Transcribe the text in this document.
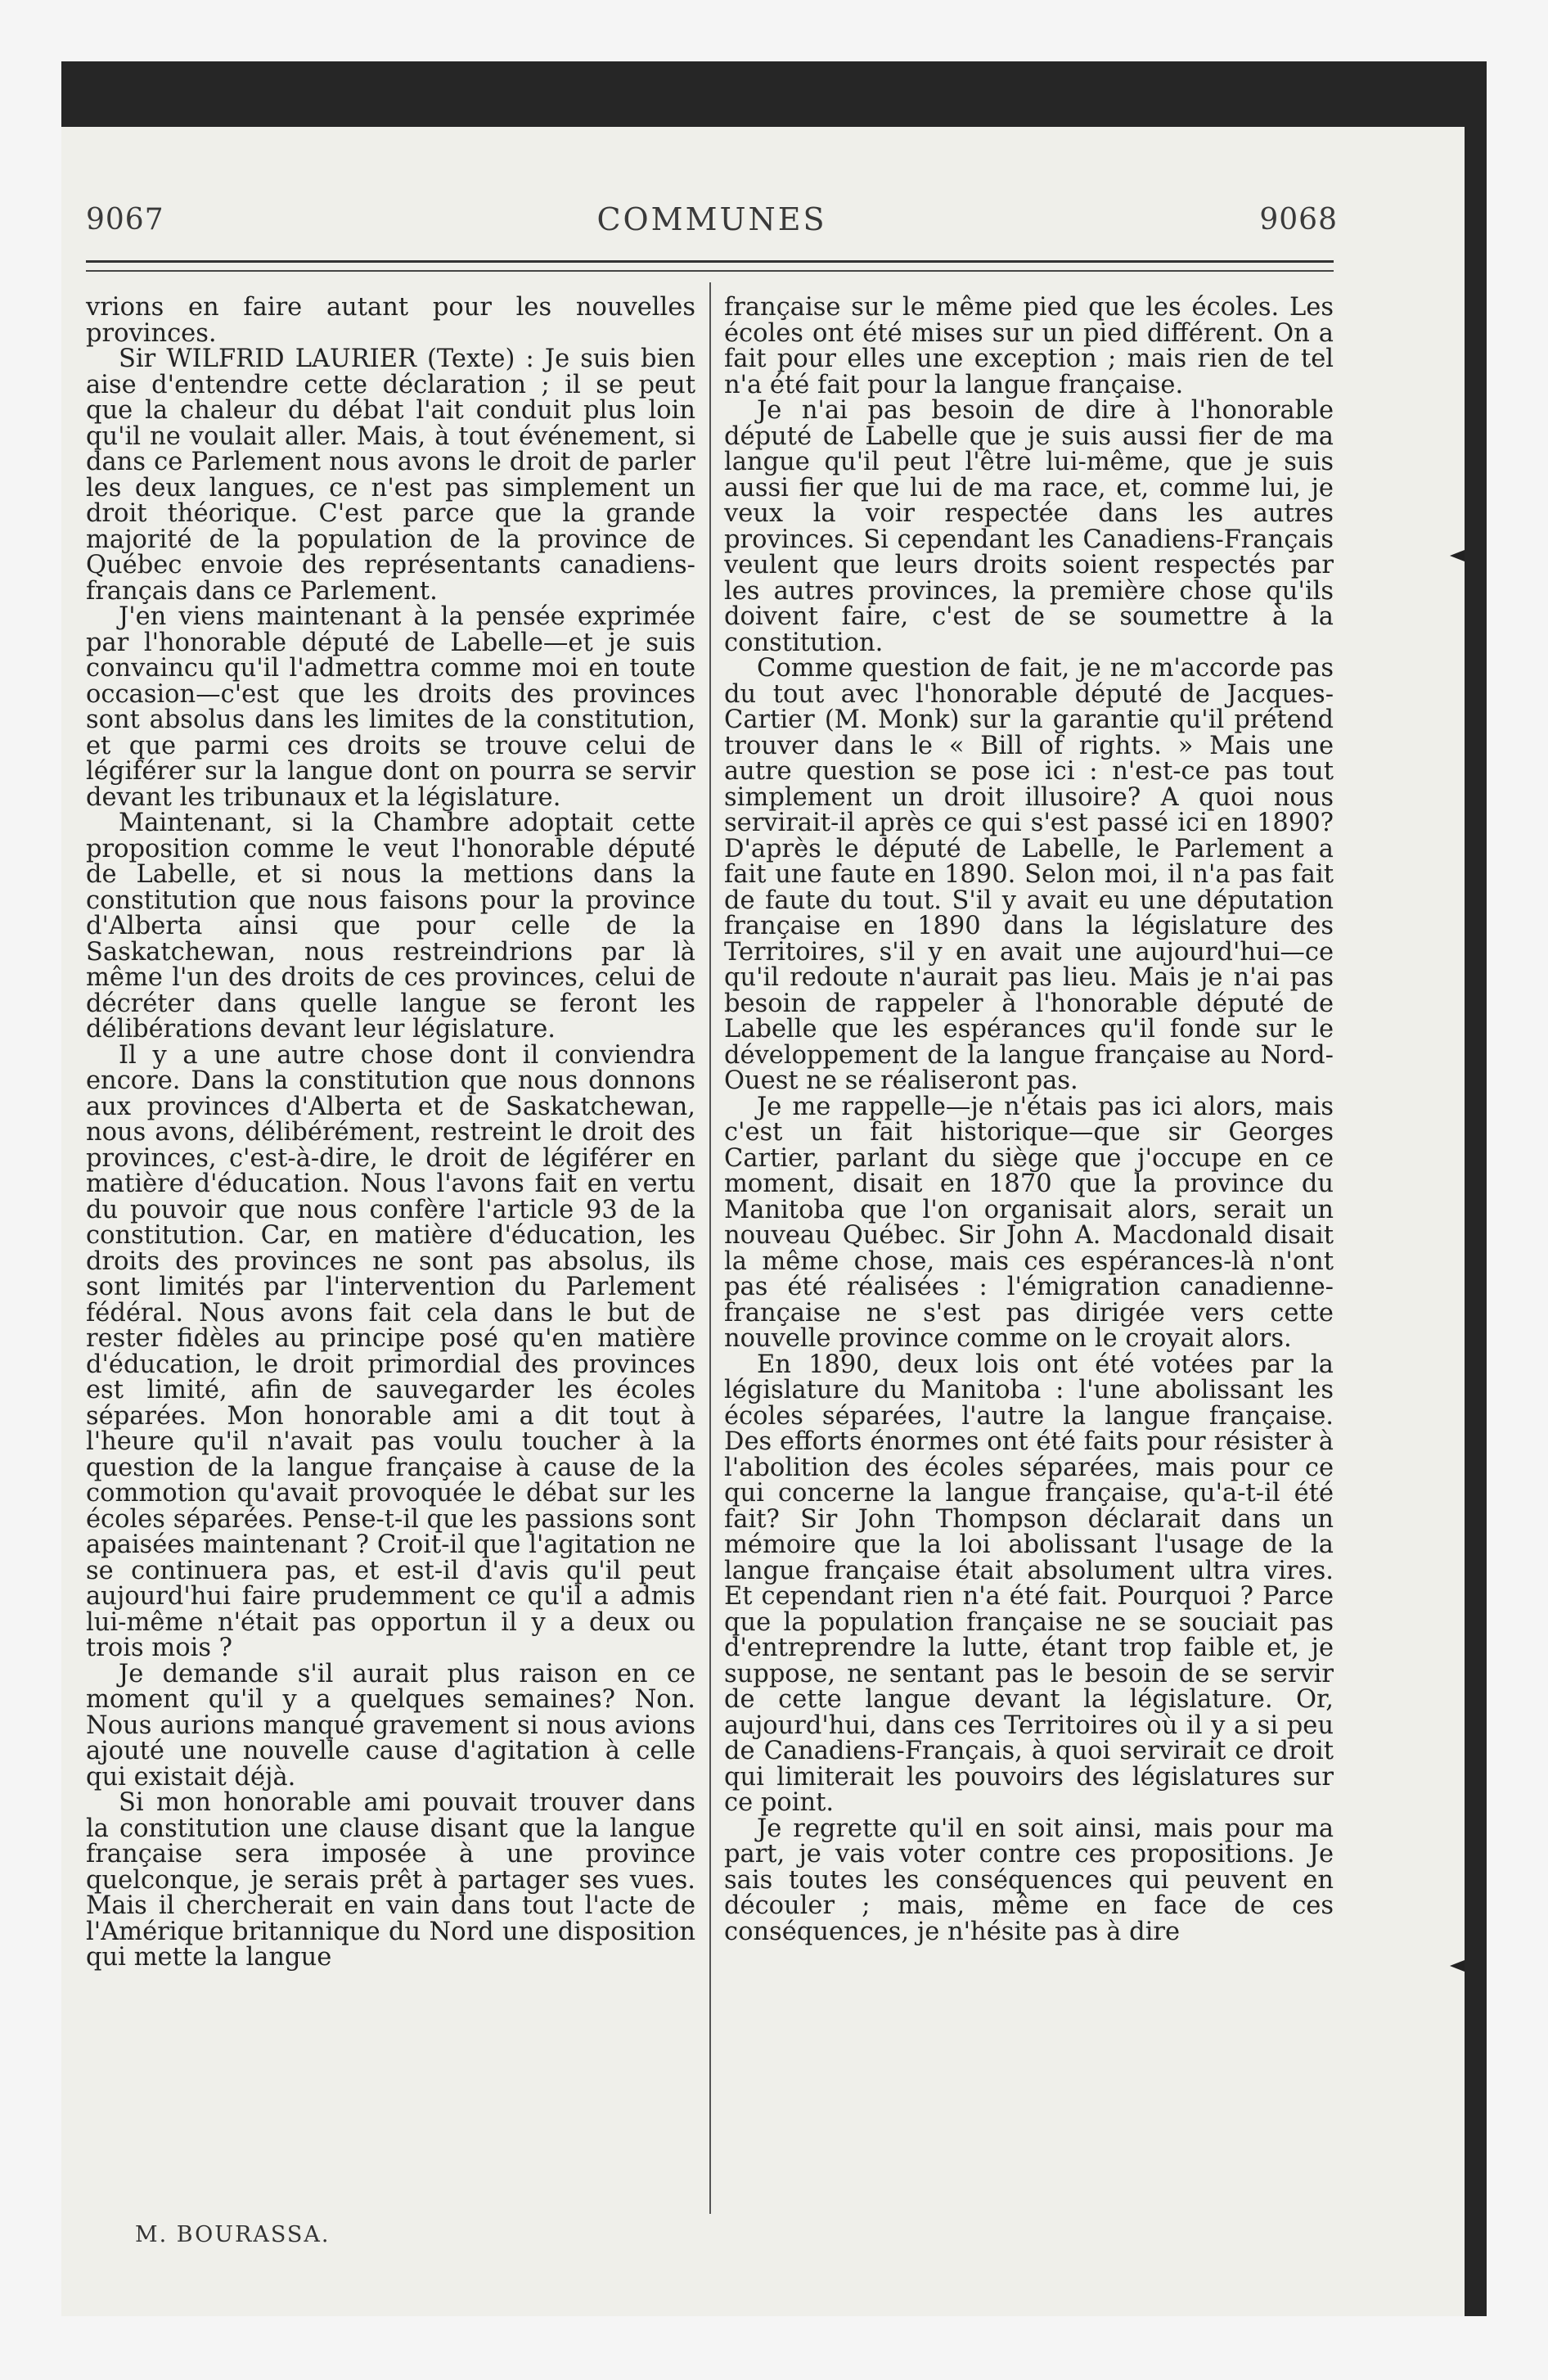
9067	COMMUNES	9068

vrions en faire autant pour les nouvelles provinces.

Sir WILFRID LAURIER (Texte) : Je suis bien aise d'entendre cette déclaration ; il se peut que la chaleur du débat l'ait conduit plus loin qu'il ne voulait aller. Mais, à tout événement, si dans ce Parlement nous avons le droit de parler les deux langues, ce n'est pas simplement un droit théorique. C'est parce que la grande majorité de la population de la province de Québec envoie des représentants canadiens-français dans ce Parlement.

J'en viens maintenant à la pensée exprimée par l'honorable député de Labelle—et je suis convaincu qu'il l'admettra comme moi en toute occasion—c'est que les droits des provinces sont absolus dans les limites de la constitution, et que parmi ces droits se trouve celui de légiférer sur la langue dont on pourra se servir devant les tribunaux et la législature.

Maintenant, si la Chambre adoptait cette proposition comme le veut l'honorable député de Labelle, et si nous la mettions dans la constitution que nous faisons pour la province d'Alberta ainsi que pour celle de la Saskatchewan, nous restreindrions par là même l'un des droits de ces provinces, celui de décréter dans quelle langue se feront les délibérations devant leur législature.

Il y a une autre chose dont il conviendra encore. Dans la constitution que nous donnons aux provinces d'Alberta et de Saskatchewan, nous avons, délibérément, restreint le droit des provinces, c'est-à-dire, le droit de légiférer en matière d'éducation. Nous l'avons fait en vertu du pouvoir que nous confère l'article 93 de la constitution. Car, en matière d'éducation, les droits des provinces ne sont pas absolus, ils sont limités par l'intervention du Parlement fédéral. Nous avons fait cela dans le but de rester fidèles au principe posé qu'en matière d'éducation, le droit primordial des provinces est limité, afin de sauvegarder les écoles séparées. Mon honorable ami a dit tout à l'heure qu'il n'avait pas voulu toucher à la question de la langue française à cause de la commotion qu'avait provoquée le débat sur les écoles séparées. Pense-t-il que les passions sont apaisées maintenant ? Croit-il que l'agitation ne se continuera pas, et est-il d'avis qu'il peut aujourd'hui faire prudemment ce qu'il a admis lui-même n'était pas opportun il y a deux ou trois mois ?

Je demande s'il aurait plus raison en ce moment qu'il y a quelques semaines? Non. Nous aurions manqué gravement si nous avions ajouté une nouvelle cause d'agitation à celle qui existait déjà.

Si mon honorable ami pouvait trouver dans la constitution une clause disant que la langue française sera imposée à une province quelconque, je serais prêt à partager ses vues. Mais il chercherait en vain dans tout l'acte de l'Amérique britannique du Nord une disposition qui mette la langue

française sur le même pied que les écoles. Les écoles ont été mises sur un pied différent. On a fait pour elles une exception ; mais rien de tel n'a été fait pour la langue française.

Je n'ai pas besoin de dire à l'honorable député de Labelle que je suis aussi fier de ma langue qu'il peut l'être lui-même, que je suis aussi fier que lui de ma race, et, comme lui, je veux la voir respectée dans les autres provinces. Si cependant les Canadiens-Français veulent que leurs droits soient respectés par les autres provinces, la première chose qu'ils doivent faire, c'est de se soumettre à la constitution.

Comme question de fait, je ne m'accorde pas du tout avec l'honorable député de Jacques-Cartier (M. Monk) sur la garantie qu'il prétend trouver dans le « Bill of rights. » Mais une autre question se pose ici : n'est-ce pas tout simplement un droit illusoire? A quoi nous servirait-il après ce qui s'est passé ici en 1890? D'après le député de Labelle, le Parlement a fait une faute en 1890. Selon moi, il n'a pas fait de faute du tout. S'il y avait eu une députation française en 1890 dans la législature des Territoires, s'il y en avait une aujourd'hui—ce qu'il redoute n'aurait pas lieu. Mais je n'ai pas besoin de rappeler à l'honorable député de Labelle que les espérances qu'il fonde sur le développement de la langue française au Nord-Ouest ne se réaliseront pas.

Je me rappelle—je n'étais pas ici alors, mais c'est un fait historique—que sir Georges Cartier, parlant du siège que j'occupe en ce moment, disait en 1870 que la province du Manitoba que l'on organisait alors, serait un nouveau Québec. Sir John A. Macdonald disait la même chose, mais ces espérances-là n'ont pas été réalisées : l'émigration canadienne-française ne s'est pas dirigée vers cette nouvelle province comme on le croyait alors.

En 1890, deux lois ont été votées par la législature du Manitoba : l'une abolissant les écoles séparées, l'autre la langue française. Des efforts énormes ont été faits pour résister à l'abolition des écoles séparées, mais pour ce qui concerne la langue française, qu'a-t-il été fait? Sir John Thompson déclarait dans un mémoire que la loi abolissant l'usage de la langue française était absolument ultra vires. Et cependant rien n'a été fait. Pourquoi ? Parce que la population française ne se souciait pas d'entreprendre la lutte, étant trop faible et, je suppose, ne sentant pas le besoin de se servir de cette langue devant la législature. Or, aujourd'hui, dans ces Territoires où il y a si peu de Canadiens-Français, à quoi servirait ce droit qui limiterait les pouvoirs des législatures sur ce point.

Je regrette qu'il en soit ainsi, mais pour ma part, je vais voter contre ces propositions. Je sais toutes les conséquences qui peuvent en découler ; mais, même en face de ces conséquences, je n'hésite pas à dire

M. BOURASSA.
